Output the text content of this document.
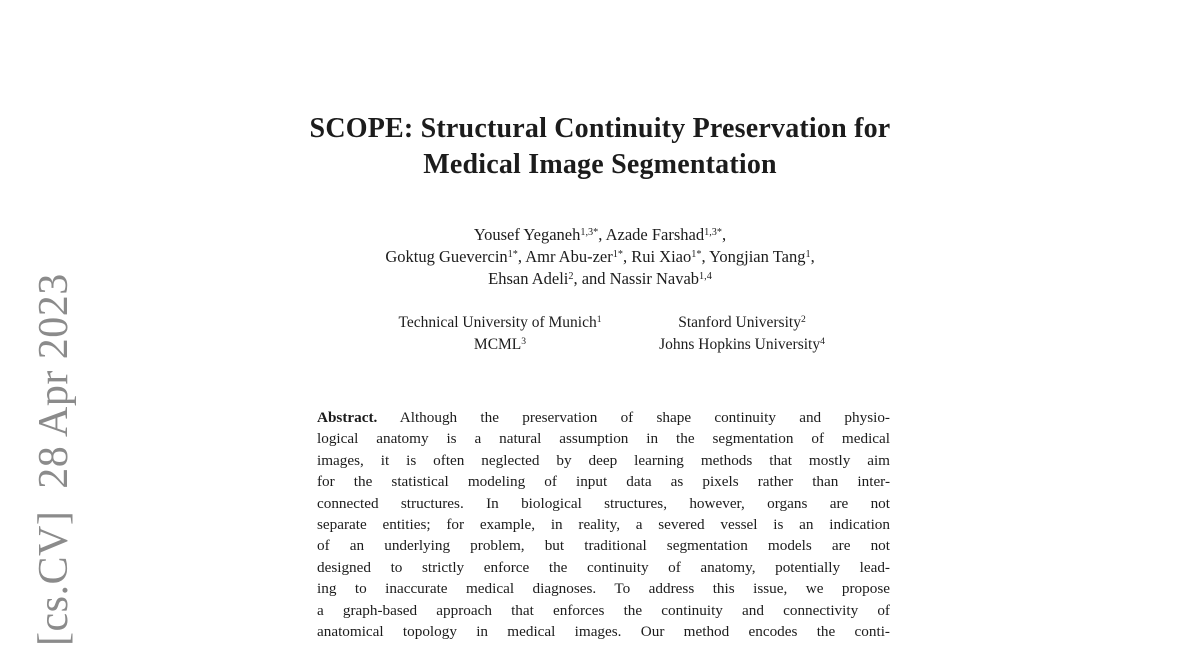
[cs.CV]  28 Apr 2023
SCOPE: Structural Continuity Preservation for
Medical Image Segmentation
Yousef Yeganeh$^{1,3*}$, Azade Farshad$^{1,3*}$,
Goktug Guevercin$^{1*}$, Amr Abu-zer$^{1*}$, Rui Xiao$^{1*}$, Yongjian Tang$^1$,
Ehsan Adeli$^2$, and Nassir Navab$^{1,4}$
Technical University of Munich$^1$
MCML$^3$
Stanford University$^2$
Johns Hopkins University$^4$
Abstract. Although the preservation of shape continuity and physio-
logical anatomy is a natural assumption in the segmentation of medical
images, it is often neglected by deep learning methods that mostly aim
for the statistical modeling of input data as pixels rather than inter-
connected structures. In biological structures, however, organs are not
separate entities; for example, in reality, a severed vessel is an indication
of an underlying problem, but traditional segmentation models are not
designed to strictly enforce the continuity of anatomy, potentially lead-
ing to inaccurate medical diagnoses. To address this issue, we propose
a graph-based approach that enforces the continuity and connectivity of
anatomical topology in medical images. Our method encodes the conti-
